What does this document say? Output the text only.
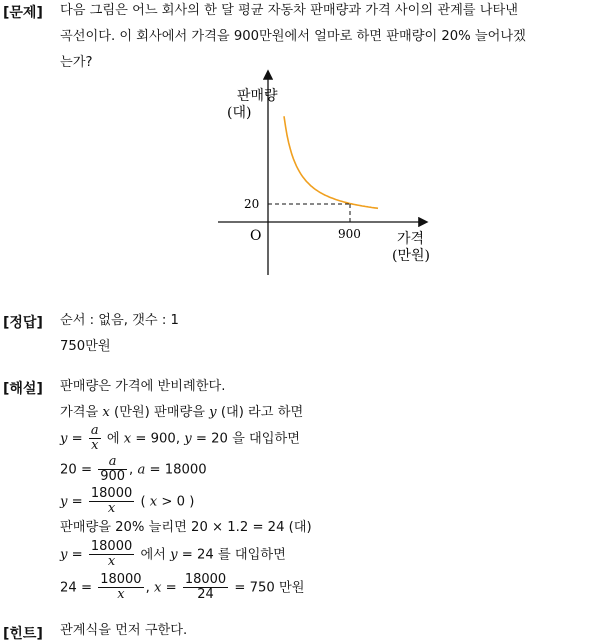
[문제] 다음 그림은 어느 회사의 한 달 평균 자동차 판매량과 가격 사이의 관계를 나타낸
곡선이다. 이 회사에서 가격을 900만원에서 얼마로 하면 판매량이 20% 늘어나겠
는가?
판매량
(대)
가격
(만원)
O	900
20
[정답] 순서 : 없음, 갯수 : 1
750만원
[해설] 판매량은 가격에 반비례한다.
가격을 x (만원) 판매량을 y (대) 라고 하면
$y = \frac{a}{x}$ 에 x = 900, y = 20 을 대입하면
$20 = \frac{a}{900}$ , a = 18000
$y = \frac{18000}{x}$ ( x > 0 )
판매량을 20% 늘리면 20 × 1.2 = 24 (대)
$y = \frac{18000}{x}$ 에서 y = 24 를 대입하면
$24 = \frac{18000}{x}$ , $x = \frac{18000}{24} = 750$ 만원
[힌트] 관계식을 먼저 구한다.
